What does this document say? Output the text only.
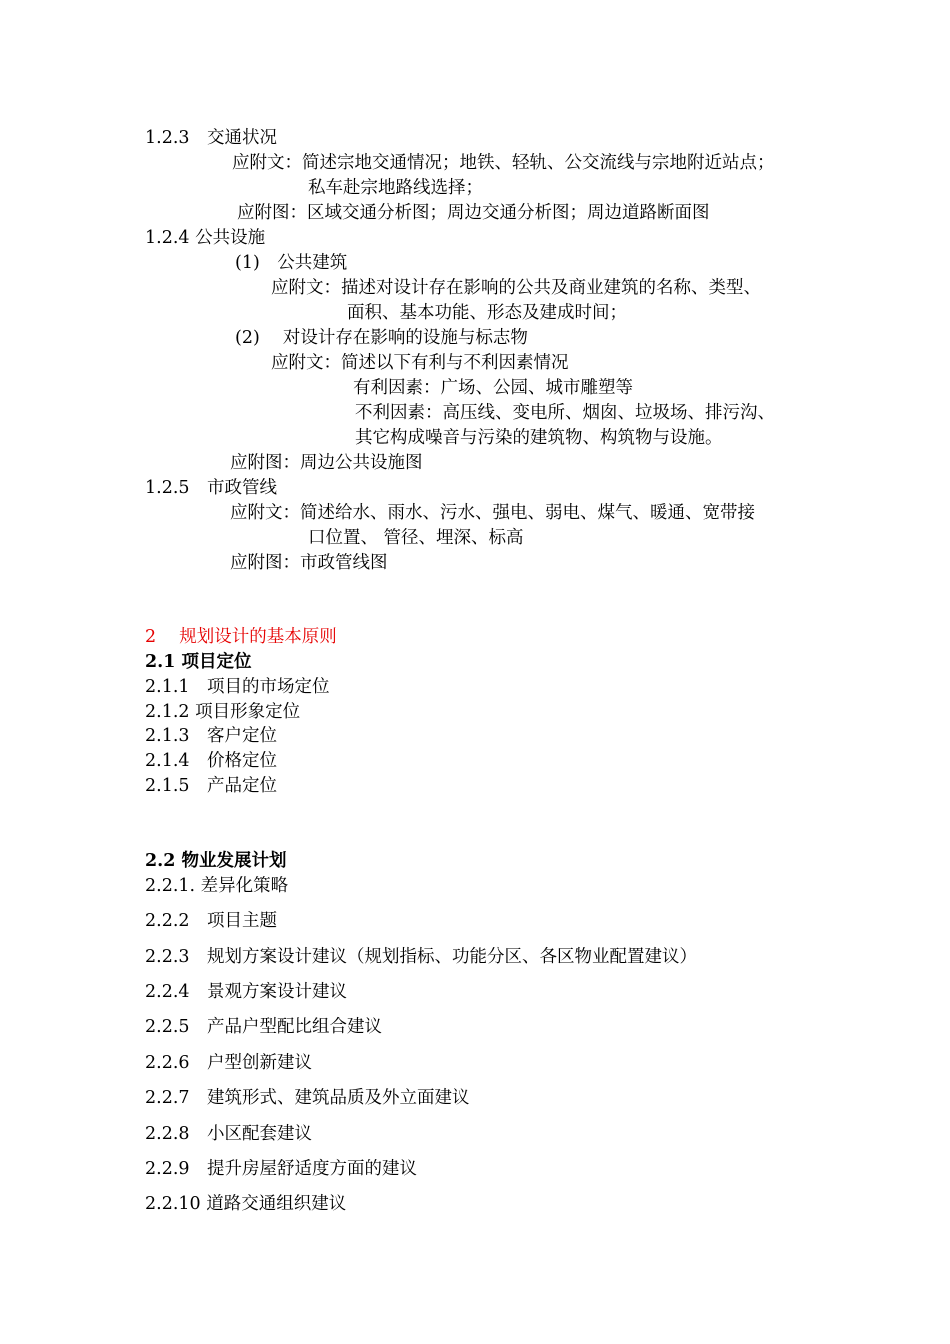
1.2.3　交通状况
应附文：简述宗地交通情况；地铁、轻轨、公交流线与宗地附近站点；
私车赴宗地路线选择；
应附图：区域交通分析图；周边交通分析图；周边道路断面图
1.2.4 公共设施
(1)　公共建筑
应附文：描述对设计存在影响的公共及商业建筑的名称、类型、
面积、基本功能、形态及建成时间；
(2)　 对设计存在影响的设施与标志物
应附文：简述以下有利与不利因素情况
有利因素：广场、公园、城市雕塑等
不利因素：高压线、变电所、烟囱、垃圾场、排污沟、
其它构成噪音与污染的建筑物、构筑物与设施。
应附图：周边公共设施图
1.2.5　市政管线
应附文：简述给水、雨水、污水、强电、弱电、煤气、暖通、宽带接
口位置、 管径、埋深、标高
应附图：市政管线图
2　 规划设计的基本原则
2.1 项目定位
2.1.1　项目的市场定位
2.1.2 项目形象定位
2.1.3　客户定位
2.1.4　价格定位
2.1.5　产品定位
2.2 物业发展计划
2.2.1. 差异化策略
2.2.2　项目主题
2.2.3　规划方案设计建议（规划指标、功能分区、各区物业配置建议）
2.2.4　景观方案设计建议
2.2.5　产品户型配比组合建议
2.2.6　户型创新建议
2.2.7　建筑形式、建筑品质及外立面建议
2.2.8　小区配套建议
2.2.9　提升房屋舒适度方面的建议
2.2.10 道路交通组织建议
